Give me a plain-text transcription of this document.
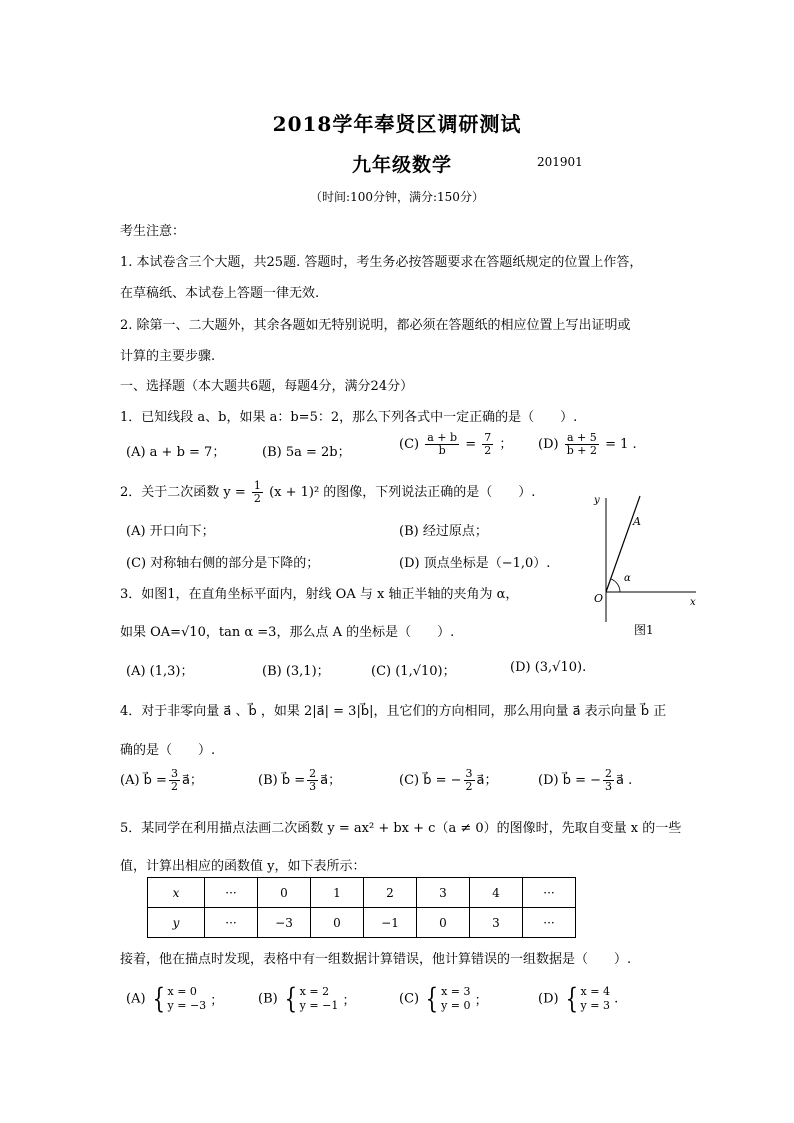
2018学年奉贤区调研测试
九年级数学	201901
（时间:100分钟，满分:150分）
考生注意：
1. 本试卷含三个大题，共25题. 答题时，考生务必按答题要求在答题纸规定的位置上作答，
在草稿纸、本试卷上答题一律无效.
2. 除第一、二大题外，其余各题如无特别说明，都必须在答题纸的相应位置上写出证明或
计算的主要步骤.
一、选择题（本大题共6题，每题4分，满分24分）
1．已知线段 a、b，如果 a：b=5：2，那么下列各式中一定正确的是（　　）.
(A) a + b = 7；	(B) 5a = 2b；
$(C) \frac{a + b}{b} = \frac{7}{2}$ ； $(D) \frac{a + 5}{b + 2} = 1$ .
2．关于二次函数 $y = \frac{1}{2} (x + 1)^2$ 的图像，下列说法正确的是（　　）.
(A) 开口向下；	(B) 经过原点；
(C) 对称轴右侧的部分是下降的；	(D) 顶点坐标是（−1,0）.
y
x
O
A
α
图1
3．如图1，在直角坐标平面内，射线 OA 与 x 轴正半轴的夹角为 α，
如果 OA=√10，tan α =3，那么点 A 的坐标是（　　）.
(A) (1,3)；	(B) (3,1)；	(C) (1,√10)；	(D) (3,√10).
4．对于非零向量 a⃗ 、b⃗ ，如果 2|a⃗| = 3|b⃗|，且它们的方向相同，那么用向量 a⃗ 表示向量 b⃗ 正
确的是（　　）.
(A) b⃗ = $\frac{3}{2}$ a⃗；	(B) b⃗ = $\frac{2}{3}$ a⃗；	(C) b⃗ = − $\frac{3}{2}$ a⃗；	(D) b⃗ = − $\frac{2}{3}$ a⃗ .
5．某同学在利用描点法画二次函数 y = ax² + bx + c（a ≠ 0）的图像时，先取自变量 x 的一些
值，计算出相应的函数值 y，如下表所示：
x	···	0	1	2	3	4	···
y	···	−3	0	−1	0	3	···
接着，他在描点时发现，表格中有一组数据计算错误，他计算错误的一组数据是（　　）.
(A) { x = 0
y = −3 ；	(B) { x = 2
y = −1 ；	(C) { x = 3
y = 0 ；	(D) { x = 4
y = 3 .
